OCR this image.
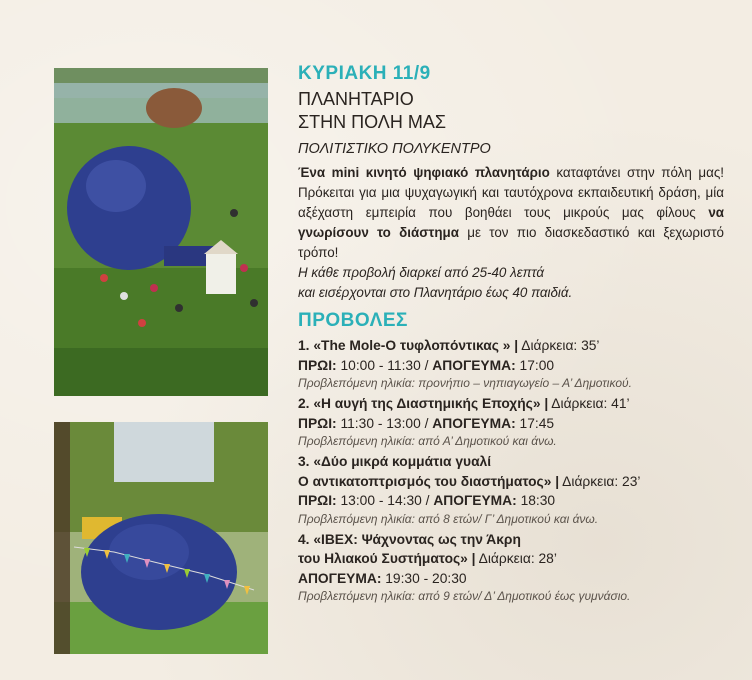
ΚΥΡΙΑΚΗ 11/9

ΠΛΑΝΗΤΑΡΙΟ
ΣΤΗΝ ΠΟΛΗ ΜΑΣ

ΠΟΛΙΤΙΣΤΙΚΟ ΠΟΛΥΚΕΝΤΡΟ

Ένα mini κινητό ψηφιακό πλανητάριο καταφτάνει στην πόλη μας! Πρόκειται για μια ψυχαγωγική και ταυτόχρονα εκπαιδευτική δράση, μία αξέχαστη εμπειρία που βοηθάει τους μικρούς μας φίλους να γνωρίσουν το διάστημα με τον πιο διασκεδαστικό και ξεχωριστό τρόπο!

Η κάθε προβολή διαρκεί από 25-40 λεπτά

και εισέρχονται στο Πλανητάριο έως 40 παιδιά.

ΠΡΟΒΟΛΕΣ

1. «The Mole-Ο τυφλοπόντικας » | Διάρκεια: 35’
ΠΡΩΙ: 10:00 - 11:30 / ΑΠΟΓΕΥΜΑ: 17:00
Προβλεπόμενη ηλικία: προνήπιο – νηπιαγωγείο – Α’ Δημοτικού.
2. «Η αυγή της Διαστημικής Εποχής» | Διάρκεια: 41’
ΠΡΩΙ: 11:30 - 13:00 / ΑΠΟΓΕΥΜΑ: 17:45
Προβλεπόμενη ηλικία: από Α’ Δημοτικού και άνω.
3. «Δύο μικρά κομμάτια γυαλί
Ο αντικατοπτρισμός του διαστήματος» | Διάρκεια: 23’
ΠΡΩΙ: 13:00 - 14:30 / ΑΠΟΓΕΥΜΑ: 18:30
Προβλεπόμενη ηλικία: από 8 ετών/ Γ’ Δημοτικού και άνω.
4. «IBEX: Ψάχνοντας ως την Άκρη
του Ηλιακού Συστήματος» | Διάρκεια: 28’
ΑΠΟΓΕΥΜΑ: 19:30 - 20:30
Προβλεπόμενη ηλικία: από 9 ετών/ Δ’ Δημοτικού έως γυμνάσιο.
